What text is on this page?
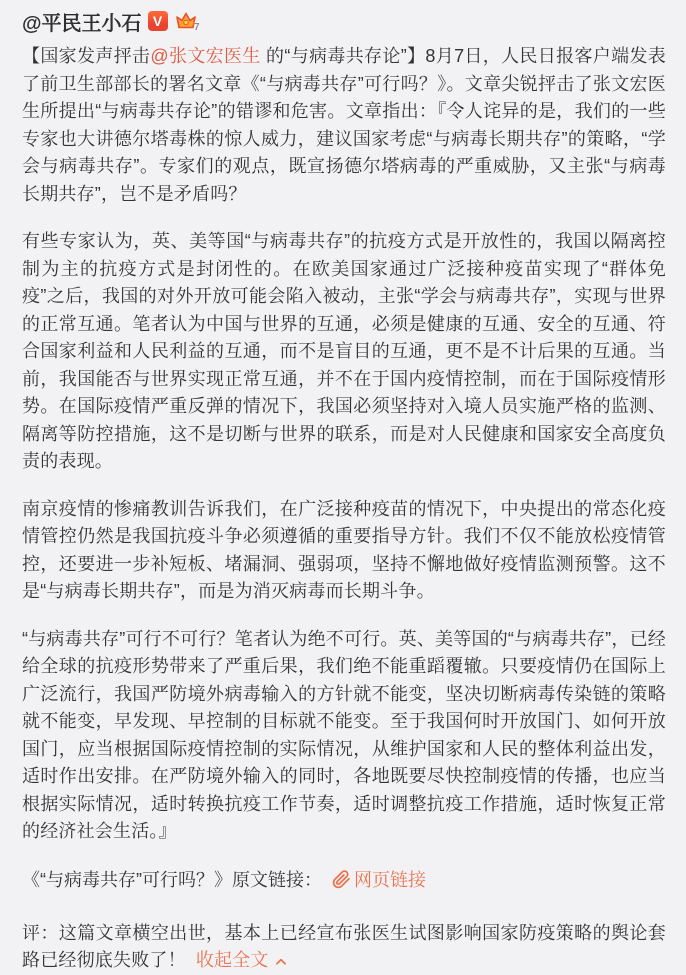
@平民王小石 V	7

【国家发声抨击@张文宏医生 的“与病毒共存论”】8月7日，人民日报客户端发表了前卫生部部长的署名文章《“与病毒共存”可行吗？》。文章尖锐抨击了张文宏医生所提出“与病毒共存论”的错谬和危害。文章指出：『令人诧异的是，我们的一些专家也大讲德尔塔毒株的惊人威力，建议国家考虑“与病毒长期共存”的策略，“学会与病毒共存”。专家们的观点，既宣扬德尔塔病毒的严重威胁，又主张“与病毒长期共存”，岂不是矛盾吗？

有些专家认为，英、美等国“与病毒共存”的抗疫方式是开放性的，我国以隔离控制为主的抗疫方式是封闭性的。在欧美国家通过广泛接种疫苗实现了“群体免疫”之后，我国的对外开放可能会陷入被动，主张“学会与病毒共存”，实现与世界的正常互通。笔者认为中国与世界的互通，必须是健康的互通、安全的互通、符合国家利益和人民利益的互通，而不是盲目的互通，更不是不计后果的互通。当前，我国能否与世界实现正常互通，并不在于国内疫情控制，而在于国际疫情形势。在国际疫情严重反弹的情况下，我国必须坚持对入境人员实施严格的监测、隔离等防控措施，这不是切断与世界的联系，而是对人民健康和国家安全高度负责的表现。

南京疫情的惨痛教训告诉我们，在广泛接种疫苗的情况下，中央提出的常态化疫情管控仍然是我国抗疫斗争必须遵循的重要指导方针。我们不仅不能放松疫情管控，还要进一步补短板、堵漏洞、强弱项，坚持不懈地做好疫情监测预警。这不是“与病毒长期共存”，而是为消灭病毒而长期斗争。

“与病毒共存”可行不可行？笔者认为绝不可行。英、美等国的“与病毒共存”，已经给全球的抗疫形势带来了严重后果，我们绝不能重蹈覆辙。只要疫情仍在国际上广泛流行，我国严防境外病毒输入的方针就不能变，坚决切断病毒传染链的策略就不能变，早发现、早控制的目标就不能变。至于我国何时开放国门、如何开放国门，应当根据国际疫情控制的实际情况，从维护国家和人民的整体利益出发，适时作出安排。在严防境外输入的同时，各地既要尽快控制疫情的传播，也应当根据实际情况，适时转换抗疫工作节奏，适时调整抗疫工作措施，适时恢复正常的经济社会生活。』

《“与病毒共存”可行吗？》原文链接： 网页链接

评：这篇文章横空出世，基本上已经宣布张医生试图影响国家防疫策略的舆论套路已经彻底失败了！ 收起全文
